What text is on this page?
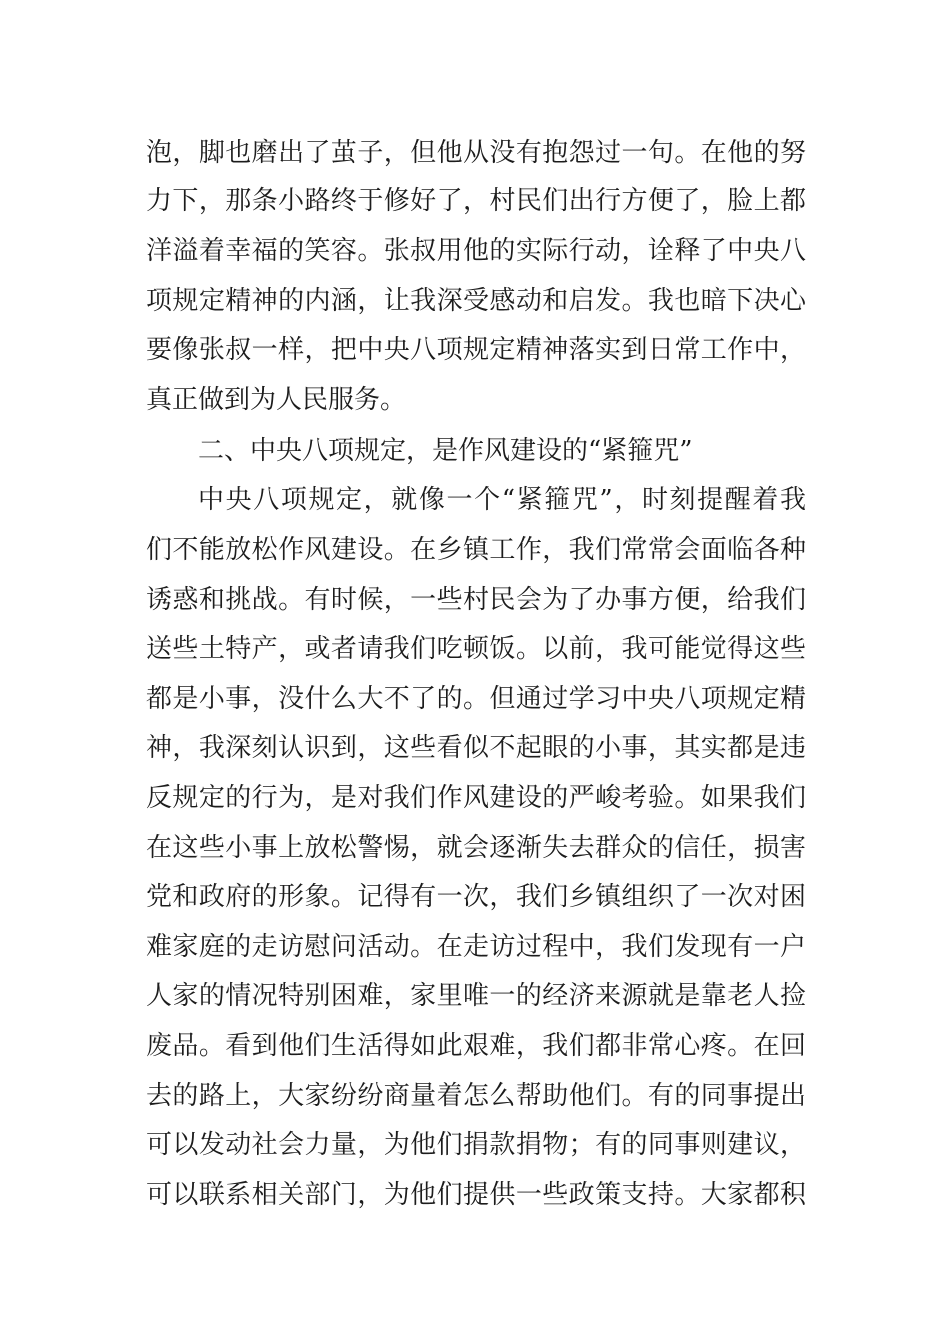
泡，脚也磨出了茧子，但他从没有抱怨过一句。在他的努
力下，那条小路终于修好了，村民们出行方便了，脸上都
洋溢着幸福的笑容。张叔用他的实际行动，诠释了中央八
项规定精神的内涵，让我深受感动和启发。我也暗下决心
要像张叔一样，把中央八项规定精神落实到日常工作中，
真正做到为人民服务。
二、中央八项规定，是作风建设的“紧箍咒”
中央八项规定，就像一个“紧箍咒”，时刻提醒着我
们不能放松作风建设。在乡镇工作，我们常常会面临各种
诱惑和挑战。有时候，一些村民会为了办事方便，给我们
送些土特产，或者请我们吃顿饭。以前，我可能觉得这些
都是小事，没什么大不了的。但通过学习中央八项规定精
神，我深刻认识到，这些看似不起眼的小事，其实都是违
反规定的行为，是对我们作风建设的严峻考验。如果我们
在这些小事上放松警惕，就会逐渐失去群众的信任，损害
党和政府的形象。记得有一次，我们乡镇组织了一次对困
难家庭的走访慰问活动。在走访过程中，我们发现有一户
人家的情况特别困难，家里唯一的经济来源就是靠老人捡
废品。看到他们生活得如此艰难，我们都非常心疼。在回
去的路上，大家纷纷商量着怎么帮助他们。有的同事提出
可以发动社会力量，为他们捐款捐物；有的同事则建议，
可以联系相关部门，为他们提供一些政策支持。大家都积
